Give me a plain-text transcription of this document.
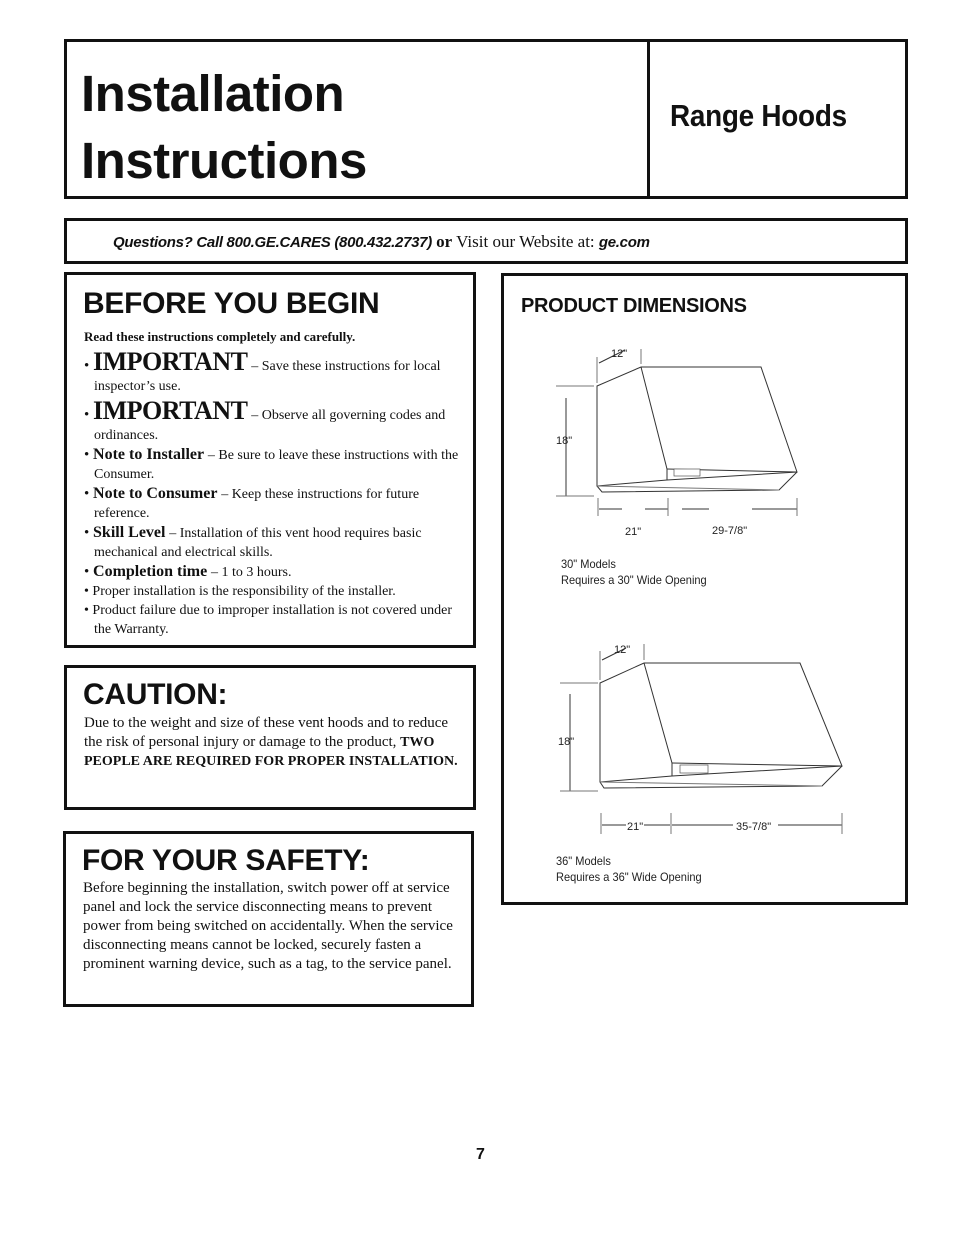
Installation
Instructions
Range Hoods
Questions? Call 800.GE.CARES (800.432.2737) or Visit our Website at: ge.com
BEFORE YOU BEGIN
Read these instructions completely and carefully.
• IMPORTANT – Save these instructions for local inspector’s use.
• IMPORTANT – Observe all governing codes and ordinances.
• Note to Installer – Be sure to leave these instructions with the Consumer.
• Note to Consumer – Keep these instructions for future reference.
• Skill Level – Installation of this vent hood requires basic mechanical and electrical skills.
• Completion time – 1 to 3 hours.
• Proper installation is the responsibility of the installer.
• Product failure due to improper installation is not covered under the Warranty.
CAUTION:
Due to the weight and size of these vent hoods and to reduce the risk of personal injury or damage to the product, TWO PEOPLE ARE REQUIRED FOR PROPER INSTALLATION.
FOR YOUR SAFETY:
Before beginning the installation, switch power off at service panel and lock the service disconnecting means to prevent power from being switched on accidentally. When the service disconnecting means cannot be locked, securely fasten a prominent warning device, such as a tag, to the service panel.
PRODUCT DIMENSIONS
12"
18"
21"	29-7/8"
12"
18"
21"	35-7/8"
30" Models
Requires a 30" Wide Opening
36" Models
Requires a 36" Wide Opening
7
